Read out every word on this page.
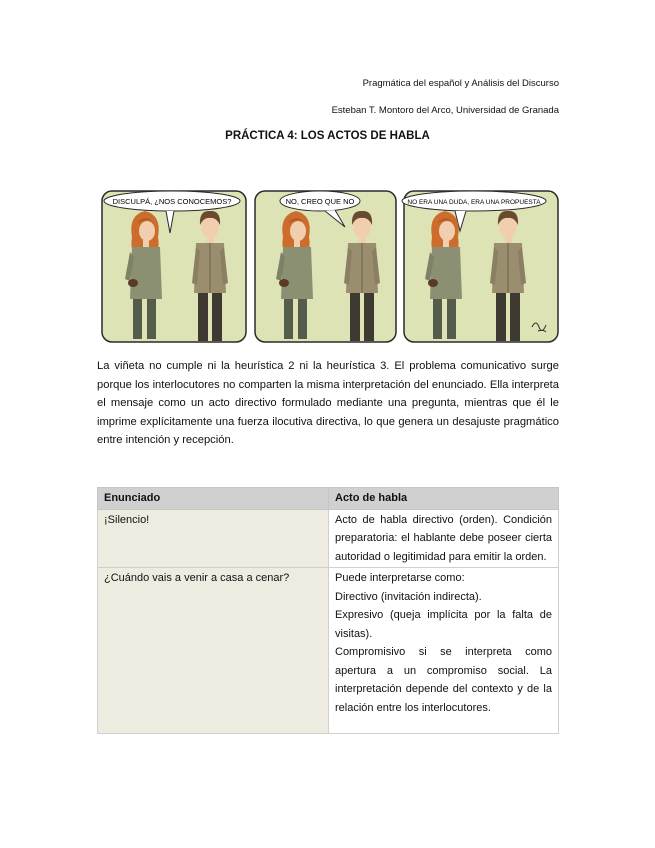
Pragmática del español y Análisis del Discurso
Esteban T. Montoro del Arco, Universidad de Granada
PRÁCTICA 4: LOS ACTOS DE HABLA
DISCULPÁ, ¿NOS CONOCEMOS?	NO, CREO QUE NO	NO ERA UNA DUDA, ERA UNA PROPUESTA

La viñeta no cumple ni la heurística 2 ni la heurística 3. El problema comunicativo surge porque los interlocutores no comparten la misma interpretación del enunciado. Ella interpreta el mensaje como un acto directivo formulado mediante una pregunta, mientras que él le imprime explícitamente una fuerza ilocutiva directiva, lo que genera un desajuste pragmático entre intención y recepción.

Enunciado	Acto de habla
¡Silencio!	Acto de habla directivo (orden). Condición preparatoria: el hablante debe poseer cierta autoridad o legitimidad para emitir la orden.

¿Cuándo vais a venir a casa a cenar?	Puede interpretarse como:

Directivo (invitación indirecta).

Expresivo (queja implícita por la falta de visitas).

Compromisivo si se interpreta como apertura a un compromiso social. La interpretación depende del contexto y de la relación entre los interlocutores.
